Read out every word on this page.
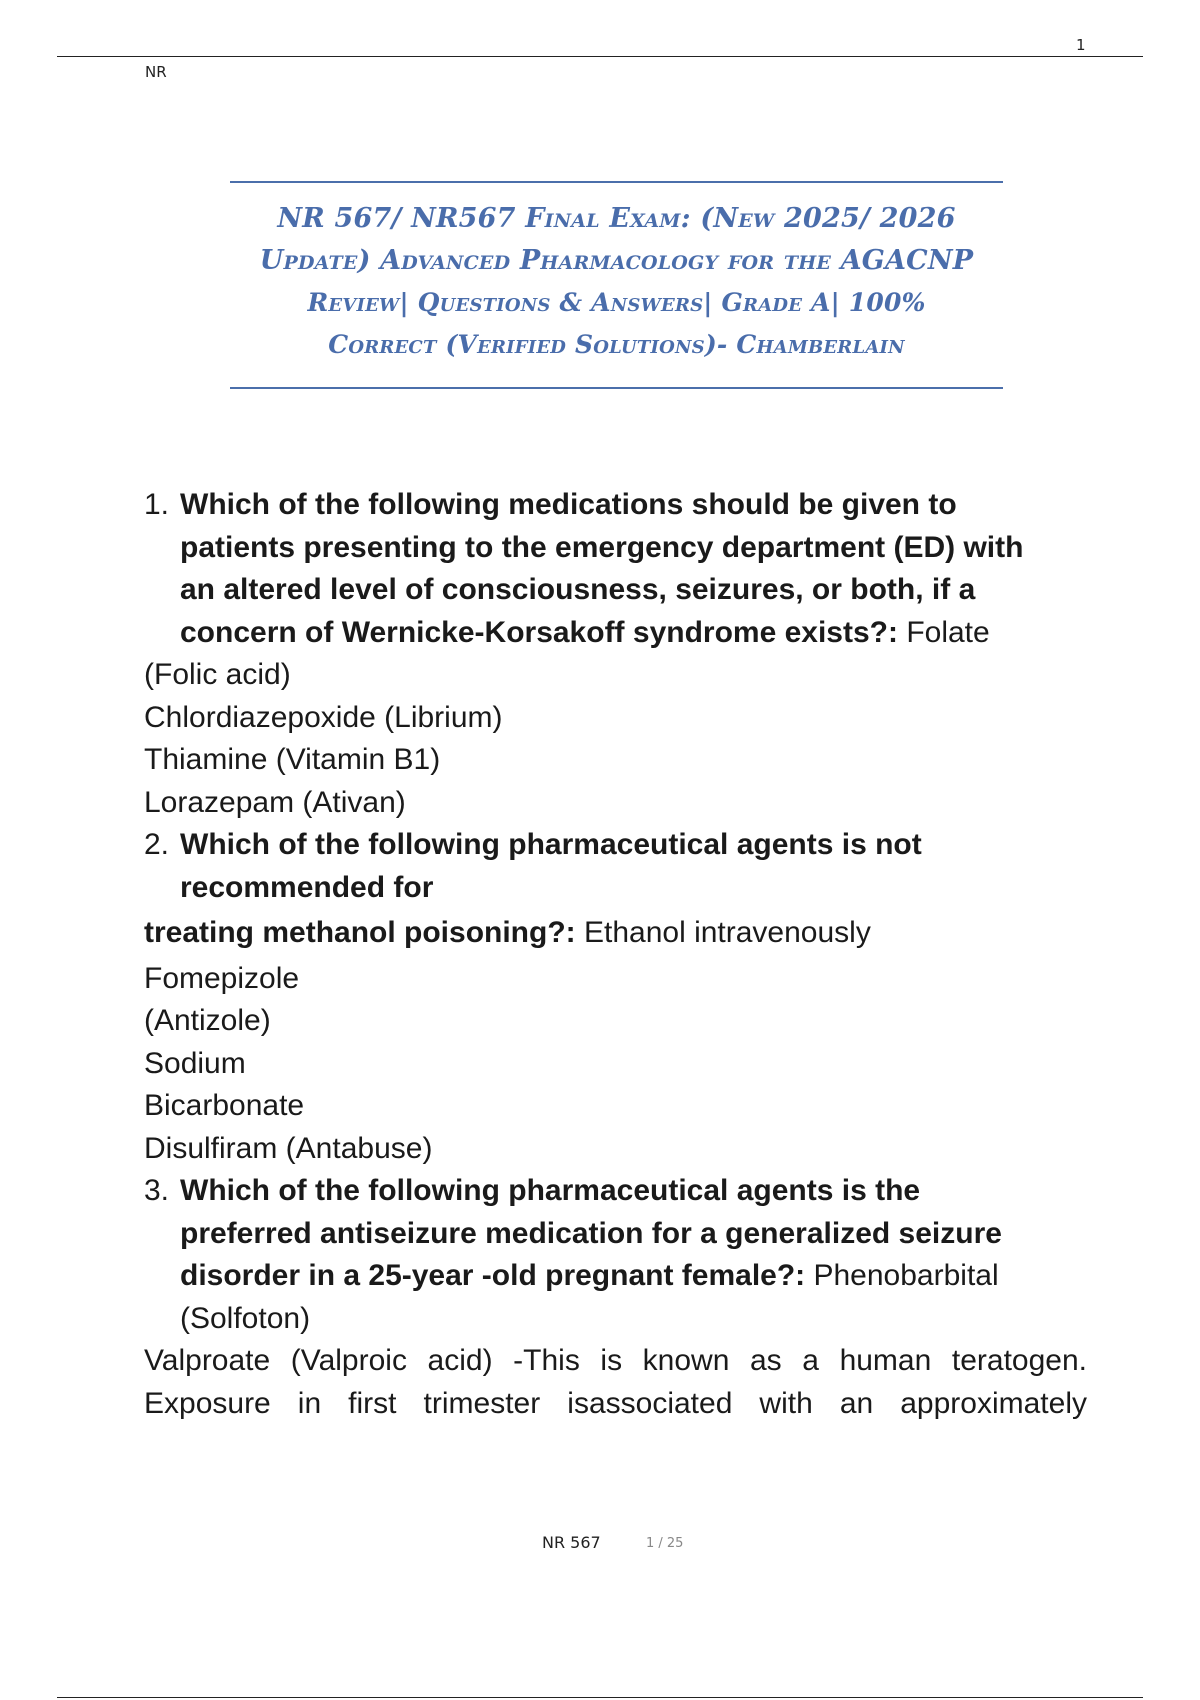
1
NR
NR 567/ NR567 Final Exam: (New 2025/ 2026
Update) Advanced Pharmacology for the AGACNP
Review| Questions & Answers| Grade A| 100%
Correct (Verified Solutions)- Chamberlain
1. Which of the following medications should be given to
patients presenting to the emergency department (ED) with
an altered level of consciousness, seizures, or both, if a
concern of Wernicke-Korsakoff syndrome exists?: Folate
(Folic acid)
Chlordiazepoxide (Librium)
Thiamine (Vitamin B1)
Lorazepam (Ativan)
2. Which of the following pharmaceutical agents is not
recommended for
treating methanol poisoning?: Ethanol intravenously
Fomepizole
(Antizole)
Sodium
Bicarbonate
Disulfiram (Antabuse)
3. Which of the following pharmaceutical agents is the
preferred antiseizure medication for a generalized seizure
disorder in a 25-year -old pregnant female?: Phenobarbital
(Solfoton)
Valproate (Valproic acid) -This is known as a human teratogen.
Exposure in first trimester isassociated with an approximately
NR 567	1 / 25
